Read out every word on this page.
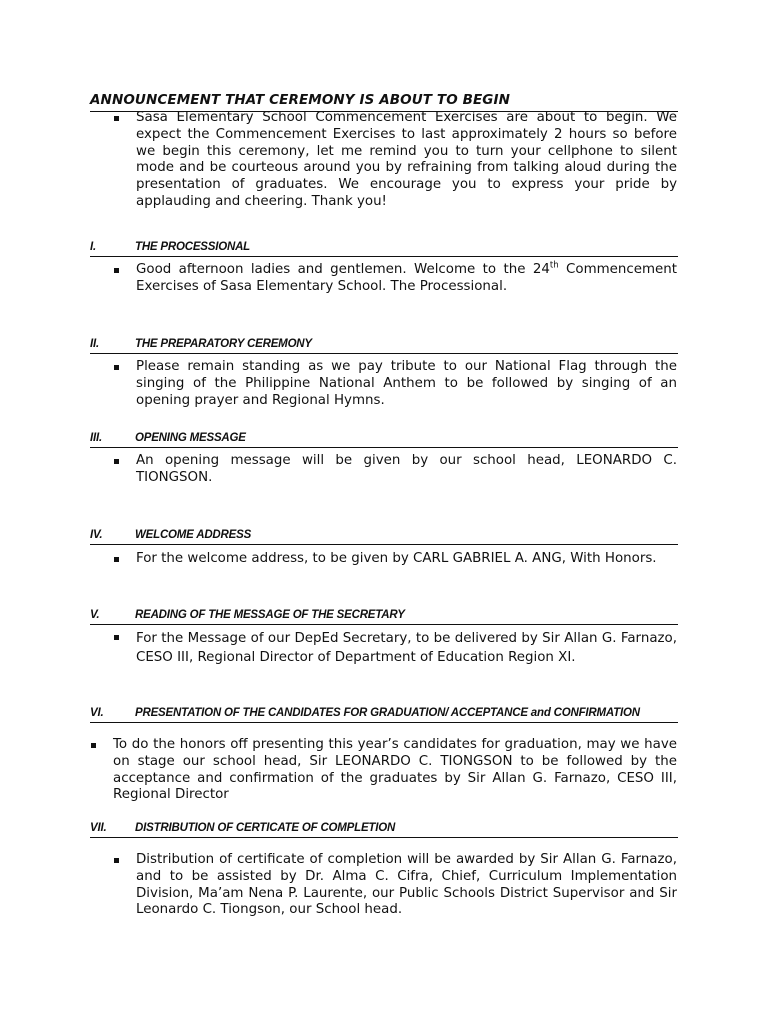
ANNOUNCEMENT THAT CEREMONY IS ABOUT TO BEGIN
Sasa Elementary School Commencement Exercises are about to begin. We expect the Commencement Exercises to last approximately 2 hours so before we begin this ceremony, let me remind you to turn your cellphone to silent mode and be courteous around you by refraining from talking aloud during the presentation of graduates. We encourage you to express your pride by applauding and cheering. Thank you!
I.	THE PROCESSIONAL
Good afternoon ladies and gentlemen. Welcome to the 24th Commencement Exercises of Sasa Elementary School. The Processional.
II.	THE PREPARATORY CEREMONY
Please remain standing as we pay tribute to our National Flag through the singing of the Philippine National Anthem to be followed by singing of an opening prayer and Regional Hymns.
III.	OPENING MESSAGE
An opening message will be given by our school head, LEONARDO C. TIONGSON.
IV.	WELCOME ADDRESS
For the welcome address, to be given by CARL GABRIEL A. ANG, With Honors.
V.	READING OF THE MESSAGE OF THE SECRETARY
For the Message of our DepEd Secretary, to be delivered by Sir Allan G. Farnazo, CESO III, Regional Director of Department of Education Region XI.
VI.	PRESENTATION OF THE CANDIDATES FOR GRADUATION/ ACCEPTANCE and CONFIRMATION
To do the honors off presenting this year’s candidates for graduation, may we have on stage our school head, Sir LEONARDO C. TIONGSON to be followed by the acceptance and confirmation of the graduates by Sir Allan G. Farnazo, CESO III, Regional Director
VII. DISTRIBUTION OF CERTICATE OF COMPLETION
Distribution of certificate of completion will be awarded by Sir Allan G. Farnazo, and to be assisted by Dr. Alma C. Cifra, Chief, Curriculum Implementation Division, Ma’am Nena P. Laurente, our Public Schools District Supervisor and Sir Leonardo C. Tiongson, our School head.
